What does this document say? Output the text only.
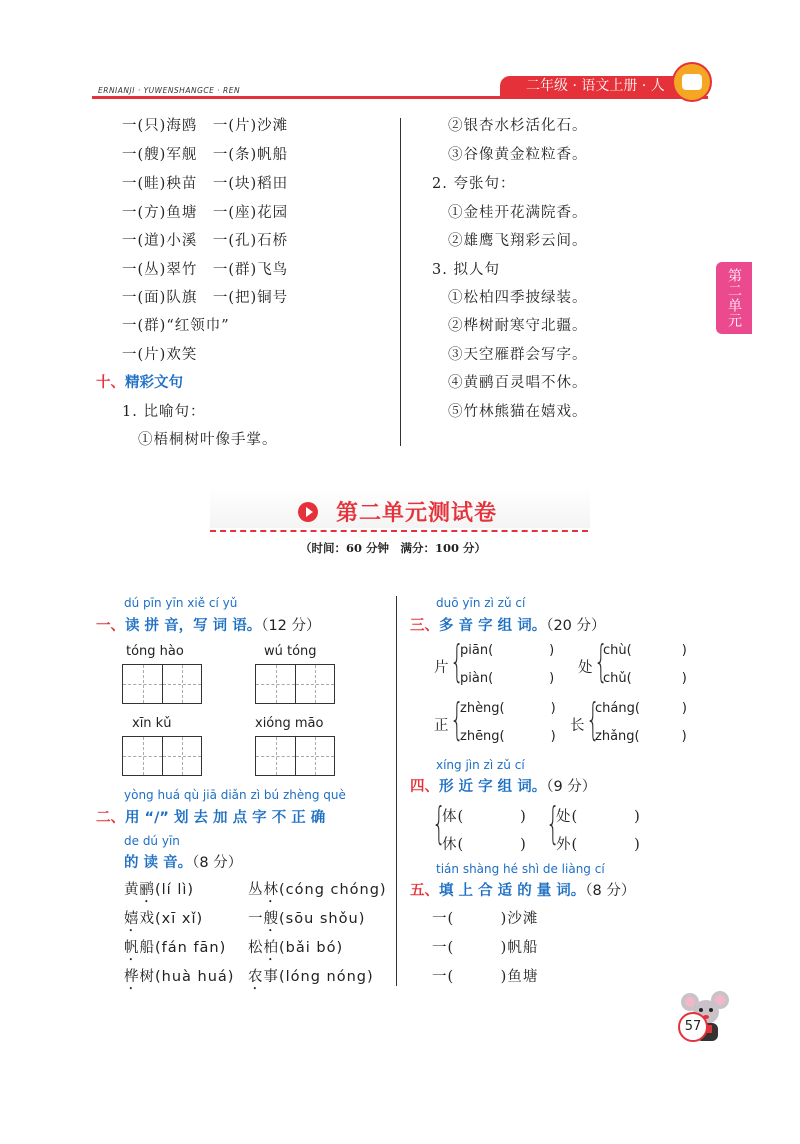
ERNIANJI · YUWENSHANGCE · REN	二年级 · 语文上册 · 人
第二单元
一(只)海鸥　一(片)沙滩
一(艘)军舰　一(条)帆船
一(畦)秧苗　一(块)稻田
一(方)鱼塘　一(座)花园
一(道)小溪　一(孔)石桥
一(丛)翠竹　一(群)飞鸟
一(面)队旗　一(把)铜号
一(群)“红领巾”
一(片)欢笑
十、精彩文句
1. 比喻句：
①梧桐树叶像手掌。
②银杏水杉活化石。
③谷像黄金粒粒香。
2. 夸张句：
①金桂开花满院香。
②雄鹰飞翔彩云间。
3. 拟人句
①松柏四季披绿装。
②桦树耐寒守北疆。
③天空雁群会写字。
④黄鹂百灵唱不休。
⑤竹林熊猫在嬉戏。
第二单元测试卷
（时间：60 分钟　满分：100 分）
dú pīn yīn xiě cí yǔ
一、读 拼 音，写 词 语。（12 分）
tóng hào	wú tóng
xīn kǔ	xióng māo
yòng huá qù jiā diǎn zì bú zhèng què
二、用 “/” 划 去 加 点 字 不 正 确
de dú yīn
的 读 音。（8 分）
黄鹂(lí lì)	丛林(cóng chóng)
嬉戏(xī xǐ)	一艘(sōu shǒu)
帆船(fán fān) 松柏(bǎi bó)
桦树(huà huá) 农事(lóng nóng)
duō yīn zì zǔ cí
三、多 音 字 组 词。（20 分）
片 {
piān(	)
piàn(	)
处 {
chù(	)
chǔ(	)
正 {
zhèng(	)
zhēng(	)
长 {
cháng(	)
zhǎng(	)
xíng jìn zì zǔ cí
四、形 近 字 组 词。（9 分）
{
体(	)
休(	) {
处(	)
外(	)
tián shàng hé shì de liàng cí
五、填 上 合 适 的 量 词。（8 分）
一(　　　)沙滩
一(　　　)帆船
一(　　　)鱼塘
57
